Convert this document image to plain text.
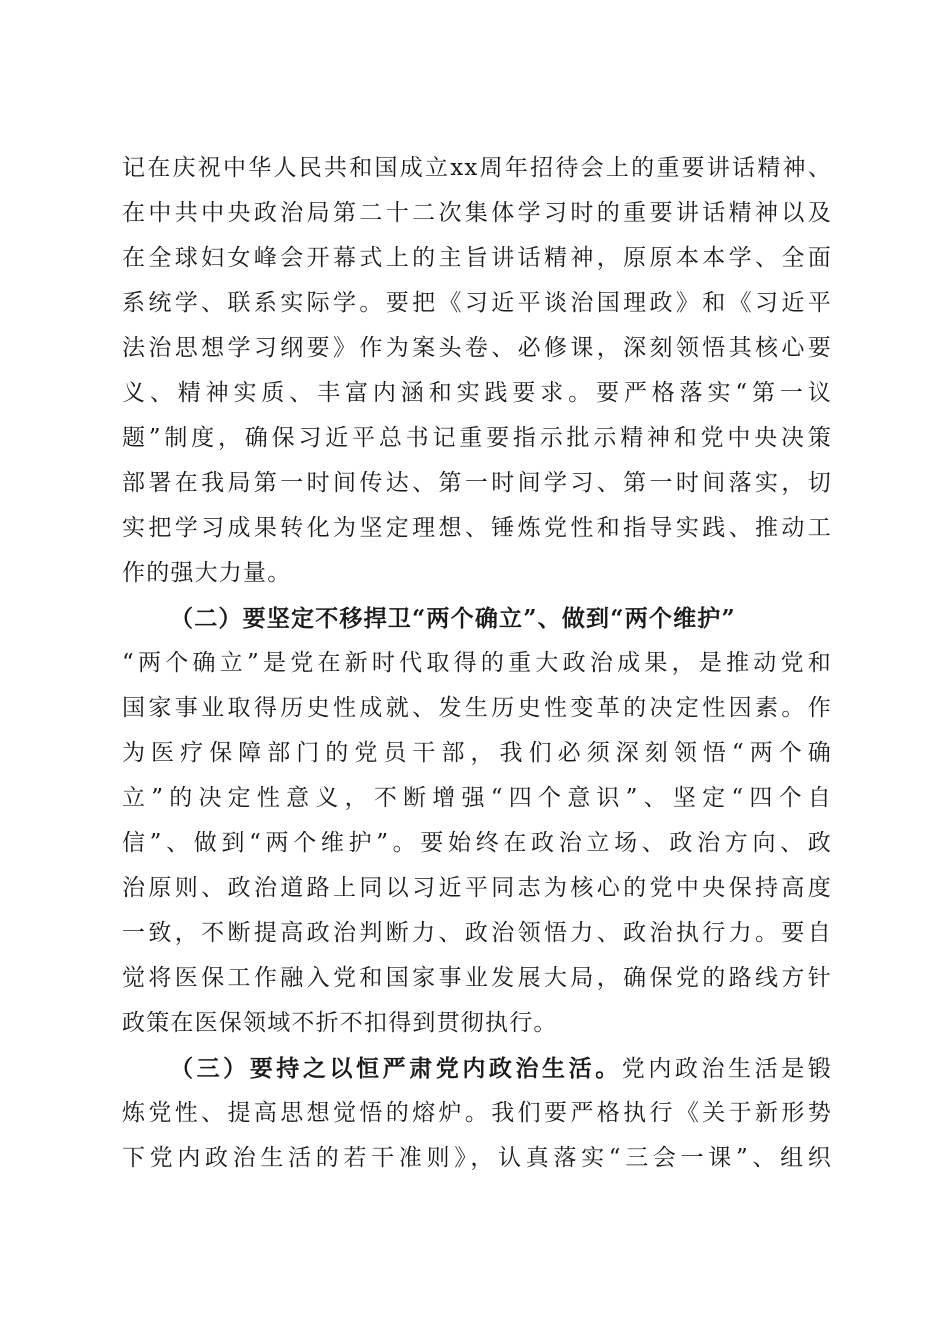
记在庆祝中华人民共和国成立xx周年招待会上的重要讲话精神、
在中共中央政治局第二十二次集体学习时的重要讲话精神以及
在全球妇女峰会开幕式上的主旨讲话精神，原原本本学、全面
系统学、联系实际学。要把《习近平谈治国理政》和《习近平
法治思想学习纲要》作为案头卷、必修课，深刻领悟其核心要
义、精神实质、丰富内涵和实践要求。要严格落实“第一议
题”制度，确保习近平总书记重要指示批示精神和党中央决策
部署在我局第一时间传达、第一时间学习、第一时间落实，切
实把学习成果转化为坚定理想、锤炼党性和指导实践、推动工
作的强大力量。
（二）要坚定不移捍卫“两个确立”、做到“两个维护”
“两个确立”是党在新时代取得的重大政治成果，是推动党和
国家事业取得历史性成就、发生历史性变革的决定性因素。作
为医疗保障部门的党员干部，我们必须深刻领悟“两个确
立”的决定性意义，不断增强“四个意识”、坚定“四个自
信”、做到“两个维护”。要始终在政治立场、政治方向、政
治原则、政治道路上同以习近平同志为核心的党中央保持高度
一致，不断提高政治判断力、政治领悟力、政治执行力。要自
觉将医保工作融入党和国家事业发展大局，确保党的路线方针
政策在医保领域不折不扣得到贯彻执行。
（三）要持之以恒严肃党内政治生活。党内政治生活是锻
炼党性、提高思想觉悟的熔炉。我们要严格执行《关于新形势
下党内政治生活的若干准则》，认真落实“三会一课”、组织
